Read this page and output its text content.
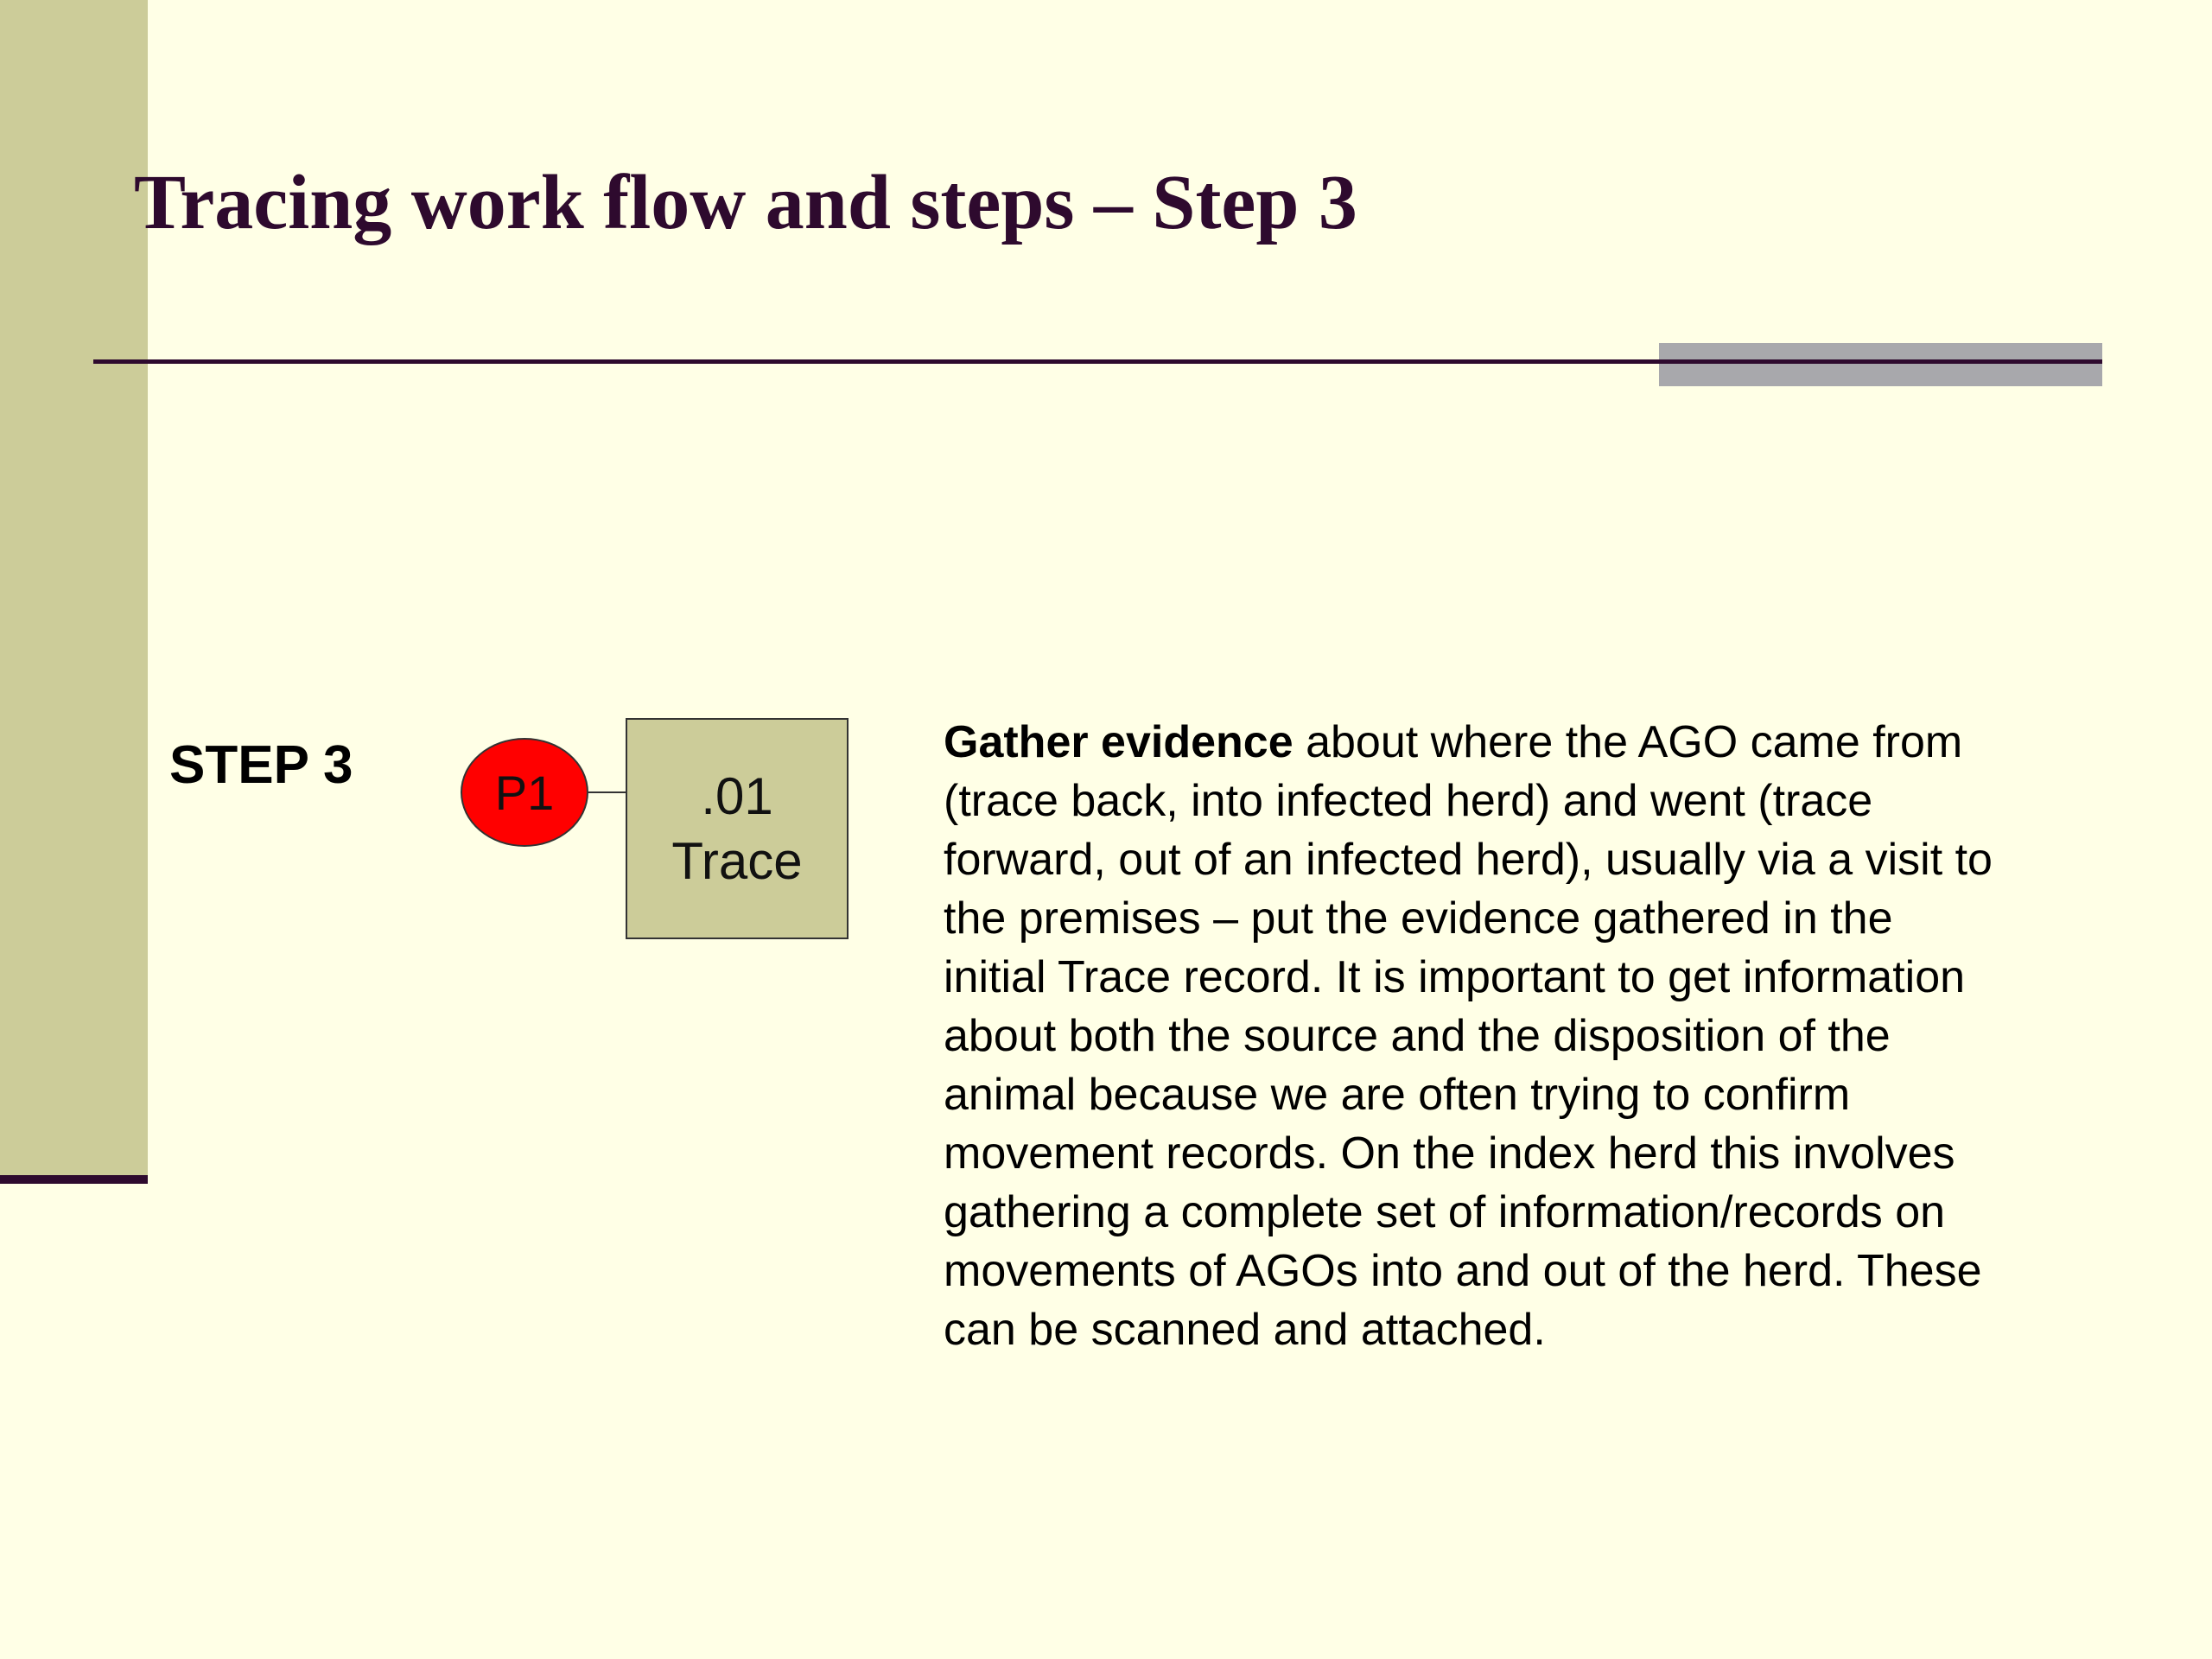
Tracing work flow and steps – Step 3
STEP 3	P1	.01
Trace

Gather evidence about where the AGO came from (trace back, into infected herd) and went (trace forward, out of an infected herd), usually via a visit to the premises – put the evidence gathered in the initial Trace record. It is important to get information about both the source and the disposition of the animal because we are often trying to confirm movement records. On the index herd this involves gathering a complete set of information/records on movements of AGOs into and out of the herd. These can be scanned and attached.
